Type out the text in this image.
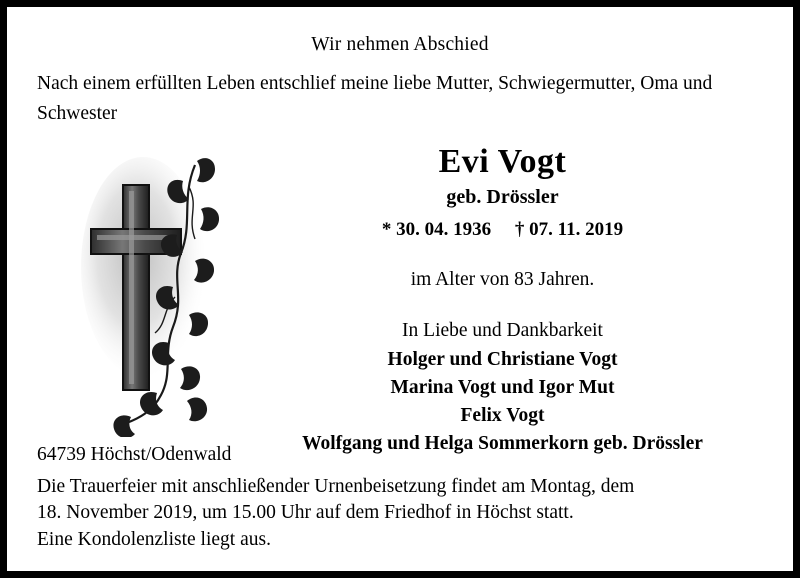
Wir nehmen Abschied
Nach einem erfüllten Leben entschlief meine liebe Mutter, Schwiegermutter, Oma und Schwester
Evi Vogt
geb. Drössler
* 30. 04. 1936     † 07. 11. 2019
im Alter von 83 Jahren.
In Liebe und Dankbarkeit
Holger und Christiane Vogt
Marina Vogt und Igor Mut
Felix Vogt
Wolfgang und Helga Sommerkorn geb. Drössler
64739 Höchst/Odenwald
Die Trauerfeier mit anschließender Urnenbeisetzung findet am Montag, dem
18. November 2019, um 15.00 Uhr auf dem Friedhof in Höchst statt.
Eine Kondolenzliste liegt aus.
